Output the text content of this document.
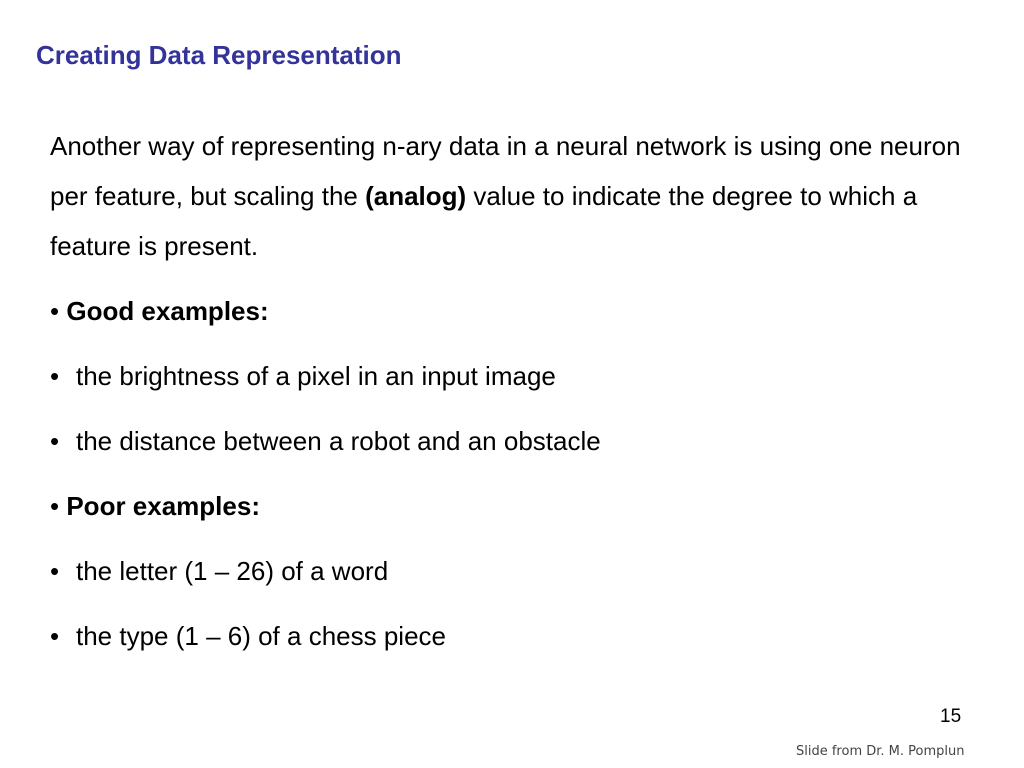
Creating Data Representation
Another way of representing n-ary data in a neural network is using one neuron per feature, but scaling the (analog) value to indicate the degree to which a feature is present.
• Good examples:
• the brightness of a pixel in an input image
• the distance between a robot and an obstacle
• Poor examples:
• the letter (1 – 26) of a word
• the type (1 – 6) of a chess piece
15
Slide from Dr. M. Pomplun
